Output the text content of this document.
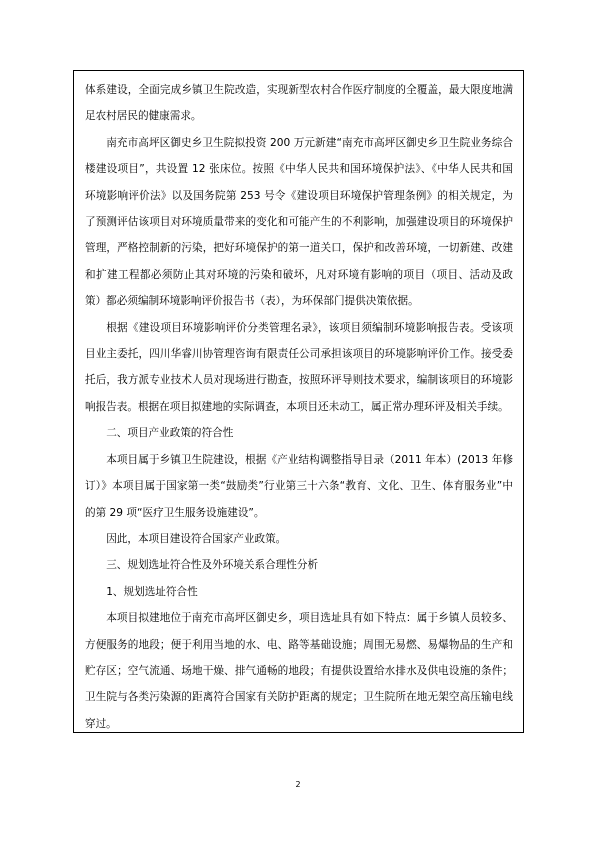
体系建设，全面完成乡镇卫生院改造，实现新型农村合作医疗制度的全覆盖，最大限度地满足农村居民的健康需求。

南充市高坪区御史乡卫生院拟投资 200 万元新建“南充市高坪区御史乡卫生院业务综合楼建设项目”，共设置 12 张床位。按照《中华人民共和国环境保护法》、《中华人民共和国环境影响评价法》以及国务院第 253 号令《建设项目环境保护管理条例》的相关规定，为了预测评估该项目对环境质量带来的变化和可能产生的不利影响，加强建设项目的环境保护管理，严格控制新的污染，把好环境保护的第一道关口，保护和改善环境，一切新建、改建和扩建工程都必须防止其对环境的污染和破坏，凡对环境有影响的项目（项目、活动及政策）都必须编制环境影响评价报告书（表），为环保部门提供决策依据。

根据《建设项目环境影响评价分类管理名录》，该项目须编制环境影响报告表。受该项目业主委托，四川华睿川协管理咨询有限责任公司承担该项目的环境影响评价工作。接受委托后，我方派专业技术人员对现场进行勘查，按照环评导则技术要求，编制该项目的环境影响报告表。根据在项目拟建地的实际调查，本项目还未动工，属正常办理环评及相关手续。

二、项目产业政策的符合性

本项目属于乡镇卫生院建设，根据《产业结构调整指导目录（2011 年本）(2013 年修订）》本项目属于国家第一类“鼓励类”行业第三十六条“教育、文化、卫生、体育服务业”中的第 29 项“医疗卫生服务设施建设”。

因此，本项目建设符合国家产业政策。

三、规划选址符合性及外环境关系合理性分析

1、规划选址符合性

本项目拟建地位于南充市高坪区御史乡，项目选址具有如下特点：属于乡镇人员较多、方便服务的地段；便于利用当地的水、电、路等基础设施；周围无易燃、易爆物品的生产和贮存区；空气流通、场地干燥、排气通畅的地段；有提供设置给水排水及供电设施的条件；卫生院与各类污染源的距离符合国家有关防护距离的规定；卫生院所在地无架空高压输电线穿过。

2
